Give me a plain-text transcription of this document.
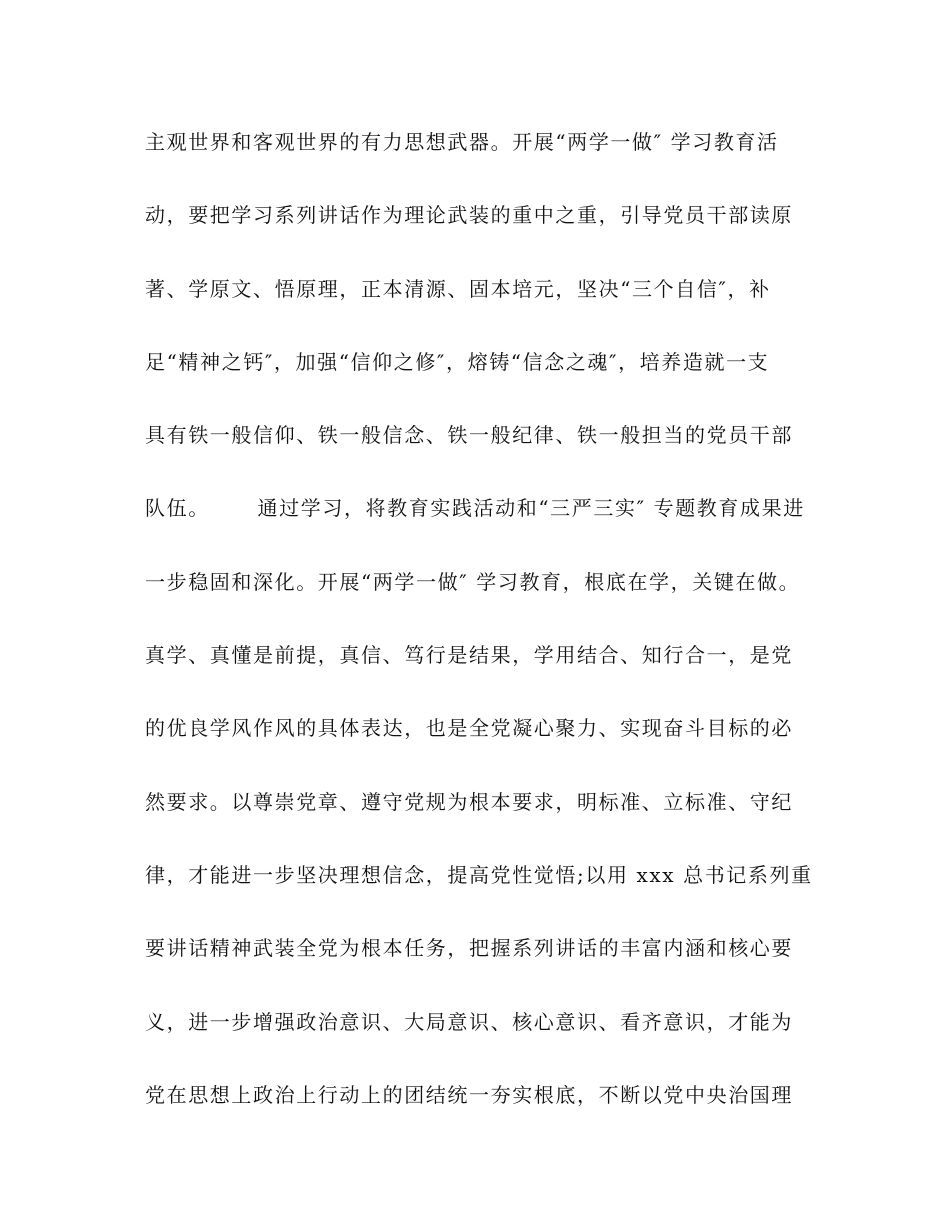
主观世界和客观世界的有力思想武器。开展“两学一做″ 学习教育活
动，要把学习系列讲话作为理论武装的重中之重，引导党员干部读原
著、学原文、悟原理，正本清源、固本培元，坚决“三个自信″，补
足“精神之钙″，加强“信仰之修″，熔铸“信念之魂″，培养造就一支
具有铁一般信仰、铁一般信念、铁一般纪律、铁一般担当的党员干部
队伍。      通过学习，将教育实践活动和“三严三实″ 专题教育成果进
一步稳固和深化。开展“两学一做″ 学习教育，根底在学，关键在做。
真学、真懂是前提，真信、笃行是结果，学用结合、知行合一，是党
的优良学风作风的具体表达，也是全党凝心聚力、实现奋斗目标的必
然要求。以尊崇党章、遵守党规为根本要求，明标准、立标准、守纪
律，才能进一步坚决理想信念，提高党性觉悟;以用 xxx 总书记系列重
要讲话精神武装全党为根本任务，把握系列讲话的丰富内涵和核心要
义，进一步增强政治意识、大局意识、核心意识、看齐意识，才能为
党在思想上政治上行动上的团结统一夯实根底，不断以党中央治国理
